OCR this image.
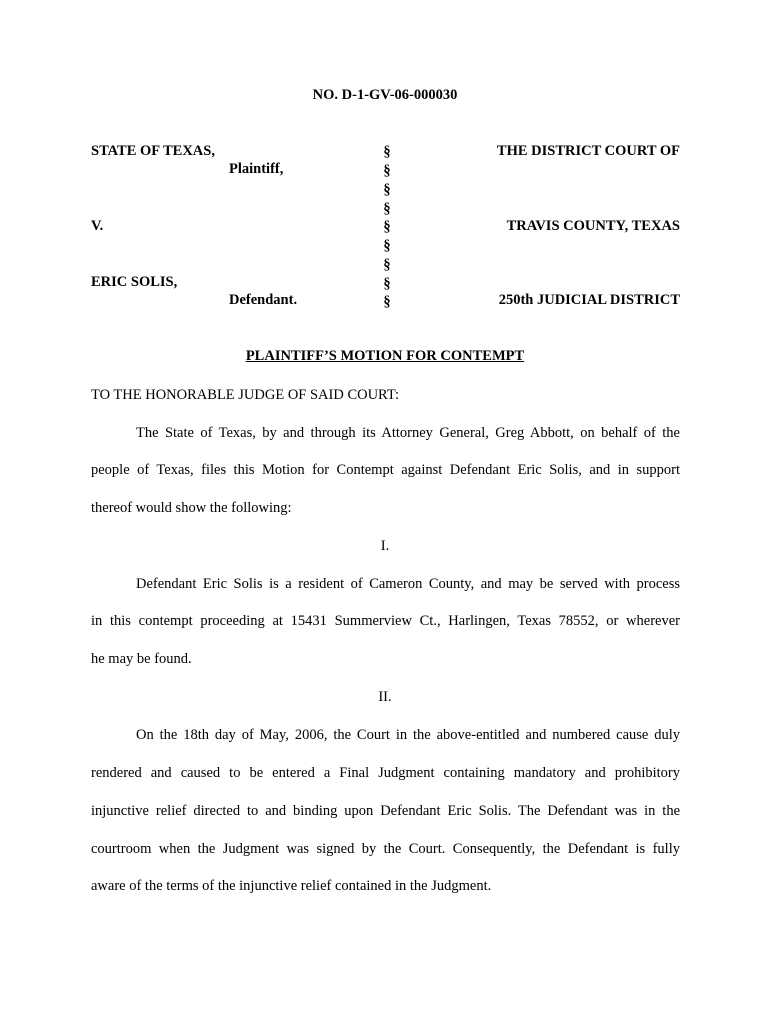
NO. D-1-GV-06-000030
STATE OF TEXAS,
Plaintiff,
V.
ERIC SOLIS,
Defendant.
§
§
§
§
§
§
§
§
§
THE DISTRICT COURT OF
TRAVIS COUNTY, TEXAS
250th JUDICIAL DISTRICT
PLAINTIFF’S MOTION FOR CONTEMPT
TO THE HONORABLE JUDGE OF SAID COURT:
The State of Texas, by and through its Attorney General, Greg Abbott, on behalf of the
people of Texas, files this Motion for Contempt against Defendant Eric Solis, and in support
thereof would show the following:
I.
Defendant Eric Solis is a resident of Cameron County, and may be served with process
in this contempt proceeding at 15431 Summerview Ct., Harlingen, Texas 78552, or wherever
he may be found.
II.
On the 18th day of May, 2006, the Court in the above-entitled and numbered cause duly
rendered and caused to be entered a Final Judgment containing mandatory and prohibitory
injunctive relief directed to and binding upon Defendant Eric Solis. The Defendant was in the
courtroom when the Judgment was signed by the Court. Consequently, the Defendant is fully
aware of the terms of the injunctive relief contained in the Judgment.
